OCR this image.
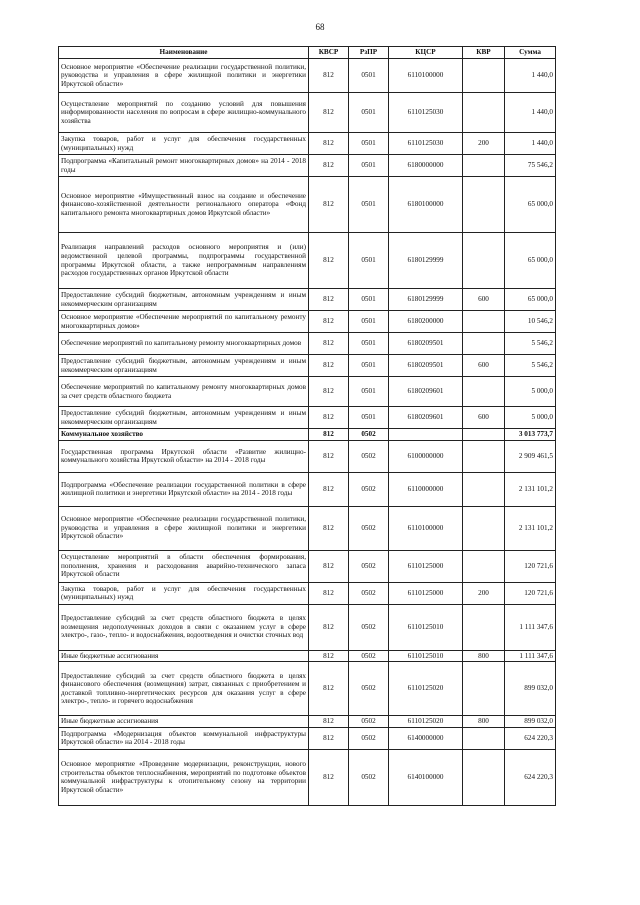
68
Наименование	КВСР	РзПР	КЦСР	КВР	Сумма
Основное мероприятие «Обеспечение реализации государственной политики, руководства и управления в сфере жилищной политики и энергетики Иркутской области»	812	0501	6110100000		1 440,0
Осуществление мероприятий по созданию условий для повышения информированности населения по вопросам в сфере жилищно-коммунального хозяйства	812	0501	6110125030		1 440,0
Закупка товаров, работ и услуг для обеспечения государственных (муниципальных) нужд	812	0501	6110125030	200	1 440,0
Подпрограмма «Капитальный ремонт многоквартирных домов» на 2014 - 2018 годы	812	0501	6180000000		75 546,2
Основное мероприятие «Имущественный взнос на создание и обеспечение финансово-хозяйственной деятельности регионального оператора «Фонд капитального ремонта многоквартирных домов Иркутской области»	812	0501	6180100000		65 000,0
Реализация направлений расходов основного мероприятия и (или) ведомственной целевой программы, подпрограммы государственной программы Иркутской области, а также непрограммным направлениям расходов государственных органов Иркутской области	812	0501	6180129999		65 000,0
Предоставление субсидий бюджетным, автономным учреждениям и иным некоммерческим организациям	812	0501	6180129999	600	65 000,0
Основное мероприятие «Обеспечение мероприятий по капитальному ремонту многоквартирных домов»	812	0501	6180200000		10 546,2
Обеспечение мероприятий по капитальному ремонту многоквартирных домов	812	0501	6180209501		5 546,2
Предоставление субсидий бюджетным, автономным учреждениям и иным некоммерческим организациям	812	0501	6180209501	600	5 546,2
Обеспечение мероприятий по капитальному ремонту многоквартирных домов за счет средств областного бюджета	812	0501	6180209601		5 000,0
Предоставление субсидий бюджетным, автономным учреждениям и иным некоммерческим организациям	812	0501	6180209601	600	5 000,0
Коммунальное хозяйство	812	0502			3 013 773,7
Государственная программа Иркутской области «Развитие жилищно-коммунального хозяйства Иркутской области» на 2014 - 2018 годы	812	0502	6100000000		2 909 461,5
Подпрограмма «Обеспечение реализации государственной политики в сфере жилищной политики и энергетики Иркутской области» на 2014 - 2018 годы	812	0502	6110000000		2 131 101,2
Основное мероприятие «Обеспечение реализации государственной политики, руководства и управления в сфере жилищной политики и энергетики Иркутской области»	812	0502	6110100000		2 131 101,2
Осуществление мероприятий в области обеспечения формирования, пополнения, хранения и расходования аварийно-технического запаса Иркутской области	812	0502	6110125000		120 721,6
Закупка товаров, работ и услуг для обеспечения государственных (муниципальных) нужд	812	0502	6110125000	200	120 721,6
Предоставление субсидий за счет средств областного бюджета в целях возмещения недополученных доходов в связи с оказанием услуг в сфере электро-, газо-, тепло- и водоснабжения, водоотведения и очистки сточных вод	812	0502	6110125010		1 111 347,6
Иные бюджетные ассигнования	812	0502	6110125010	800	1 111 347,6
Предоставление субсидий за счет средств областного бюджета в целях финансового обеспечения (возмещения) затрат, связанных с приобретением и доставкой топливно-энергетических ресурсов для оказания услуг в сфере электро-, тепло- и горячего водоснабжения	812	0502	6110125020		899 032,0
Иные бюджетные ассигнования	812	0502	6110125020	800	899 032,0
Подпрограмма «Модернизация объектов коммунальной инфраструктуры Иркутской области» на 2014 - 2018 годы	812	0502	6140000000		624 220,3
Основное мероприятие «Проведение модернизации, реконструкции, нового строительства объектов теплоснабжения, мероприятий по подготовке объектов коммунальной инфраструктуры к отопительному сезону на территории Иркутской области»	812	0502	6140100000		624 220,3
